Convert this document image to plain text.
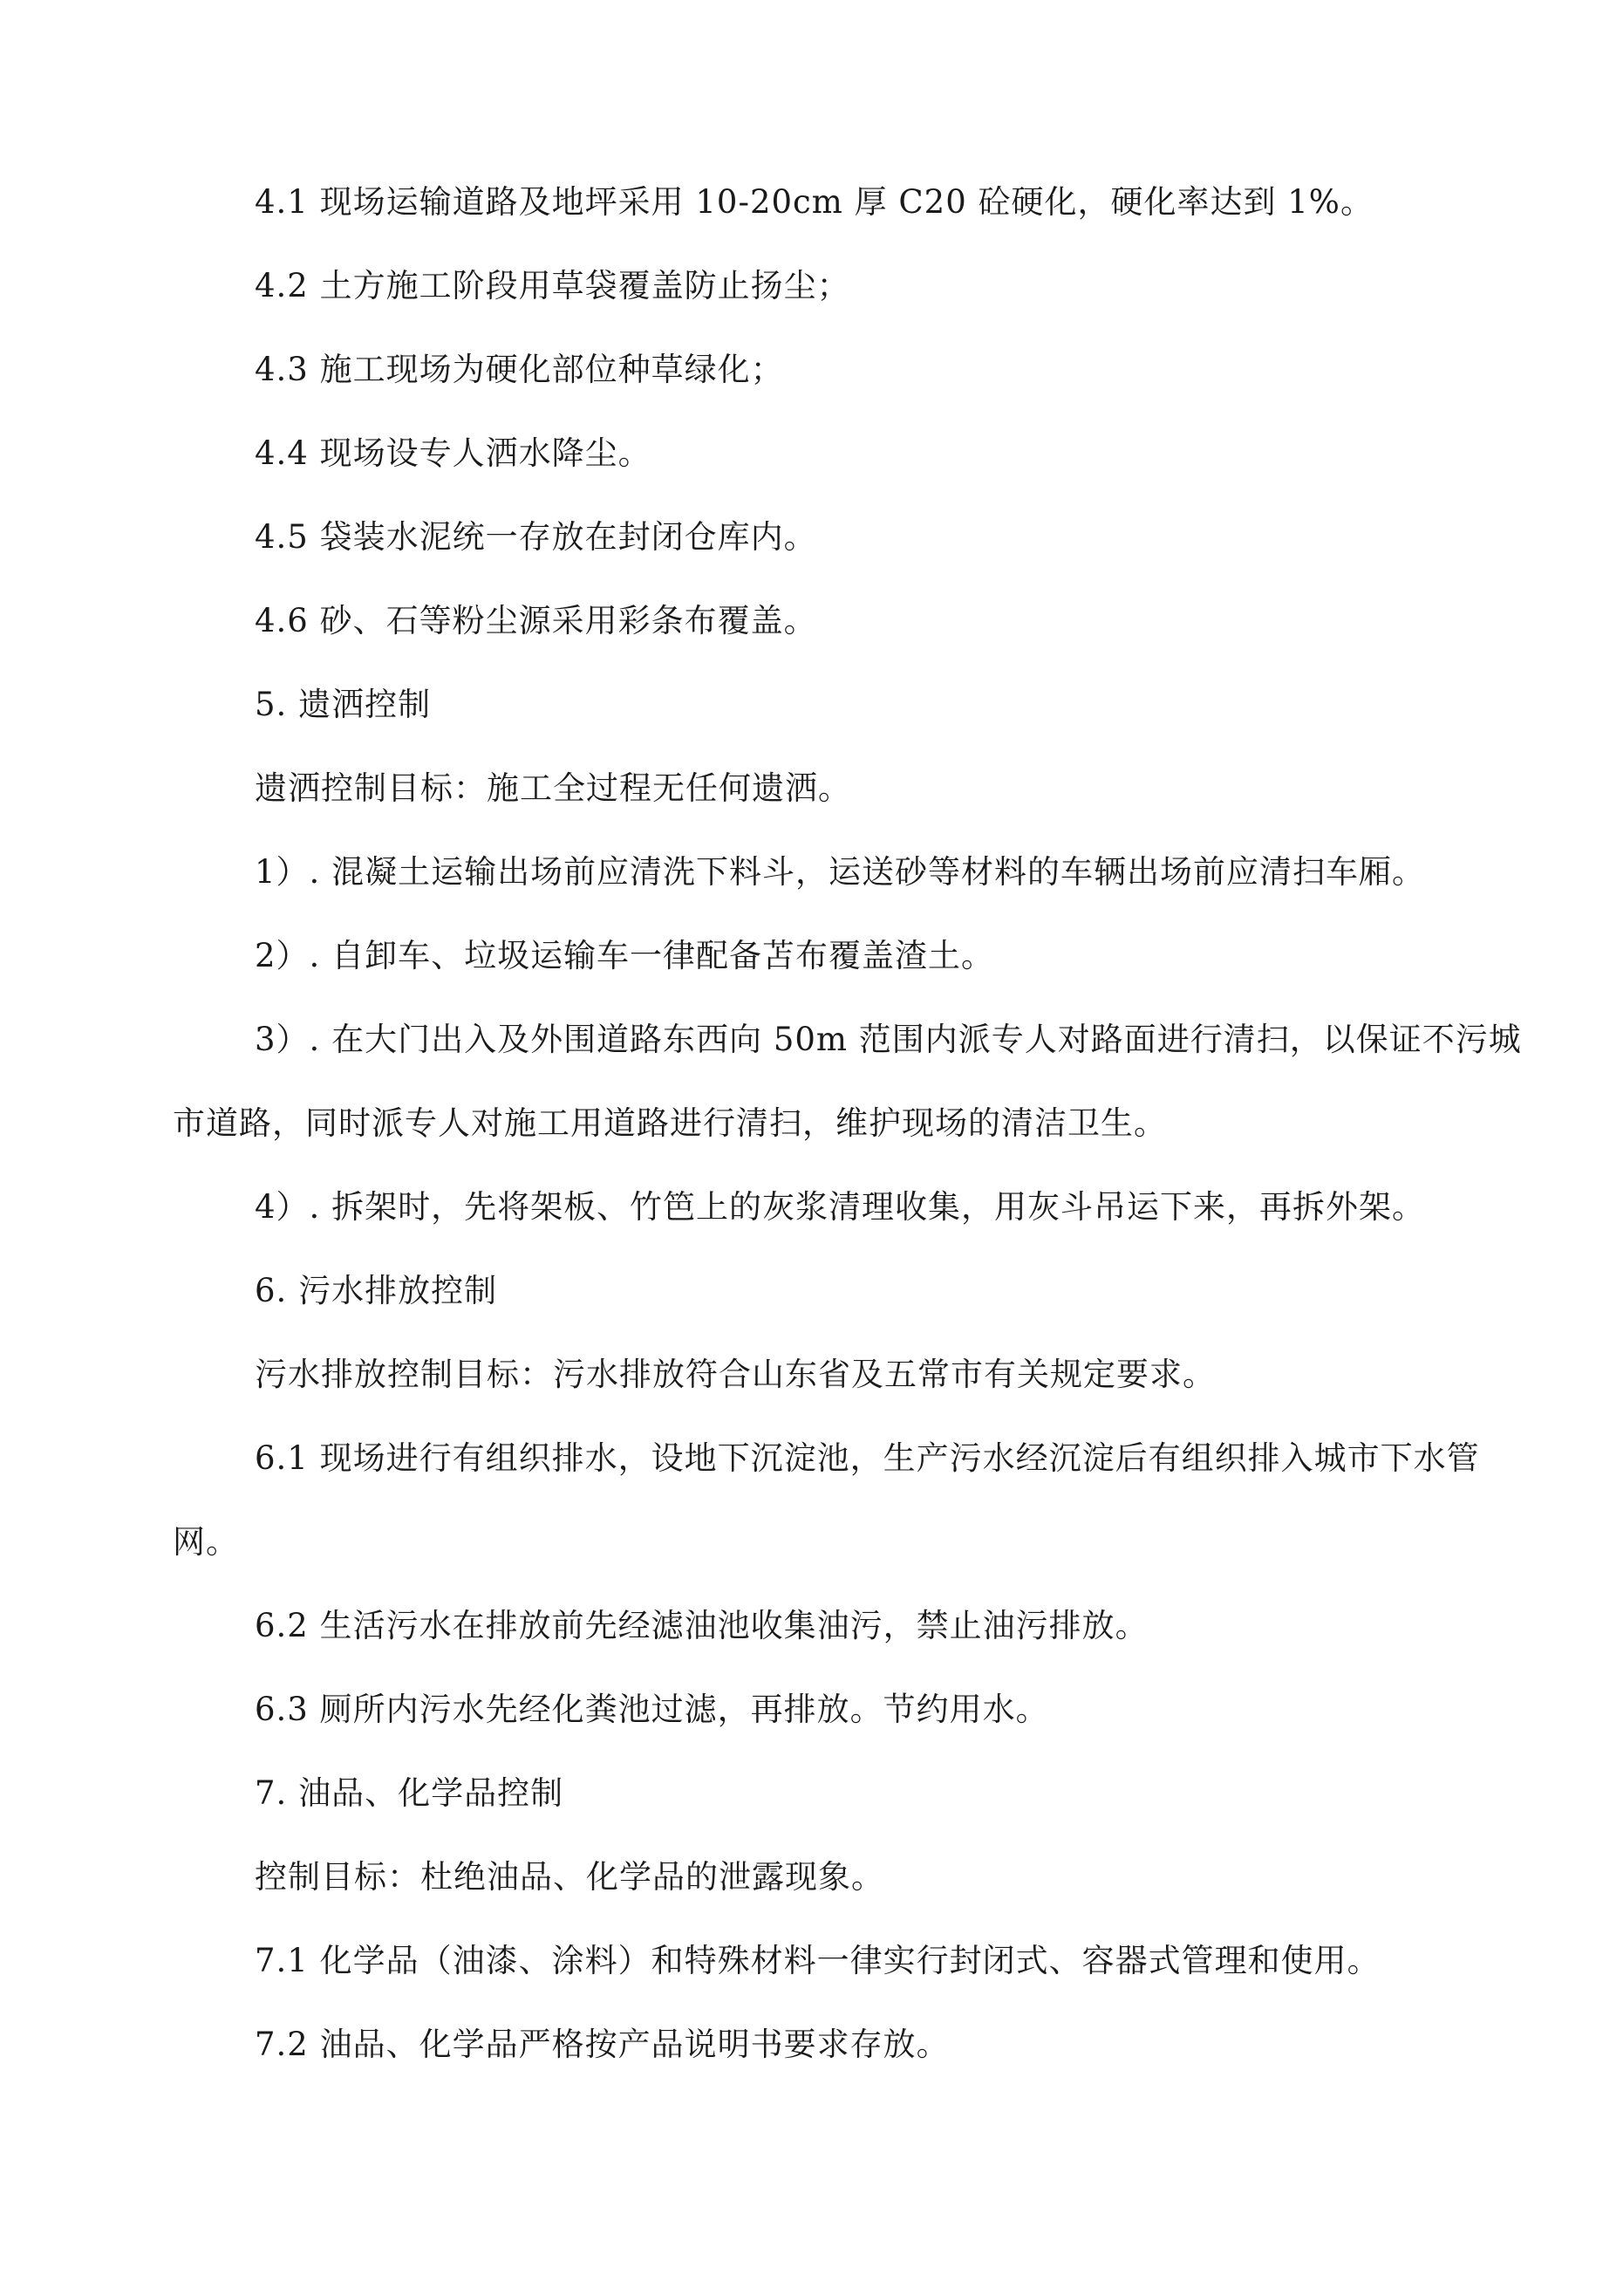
4.1 现场运输道路及地坪采用 10-20cm 厚 C20 砼硬化，硬化率达到 1%。
4.2 土方施工阶段用草袋覆盖防止扬尘；
4.3 施工现场为硬化部位种草绿化；
4.4 现场设专人洒水降尘。
4.5 袋装水泥统一存放在封闭仓库内。
4.6 砂、石等粉尘源采用彩条布覆盖。
5. 遗洒控制
遗洒控制目标：施工全过程无任何遗洒。
1）. 混凝土运输出场前应清洗下料斗，运送砂等材料的车辆出场前应清扫车厢。
2）. 自卸车、垃圾运输车一律配备苫布覆盖渣土。
3）. 在大门出入及外围道路东西向 50m 范围内派专人对路面进行清扫，以保证不污城
市道路，同时派专人对施工用道路进行清扫，维护现场的清洁卫生。
4）. 拆架时，先将架板、竹笆上的灰浆清理收集，用灰斗吊运下来，再拆外架。
6. 污水排放控制
污水排放控制目标：污水排放符合山东省及五常市有关规定要求。
6.1 现场进行有组织排水，设地下沉淀池，生产污水经沉淀后有组织排入城市下水管
网。
6.2 生活污水在排放前先经滤油池收集油污，禁止油污排放。
6.3 厕所内污水先经化粪池过滤，再排放。节约用水。
7. 油品、化学品控制
控制目标：杜绝油品、化学品的泄露现象。
7.1 化学品（油漆、涂料）和特殊材料一律实行封闭式、容器式管理和使用。
7.2 油品、化学品严格按产品说明书要求存放。
